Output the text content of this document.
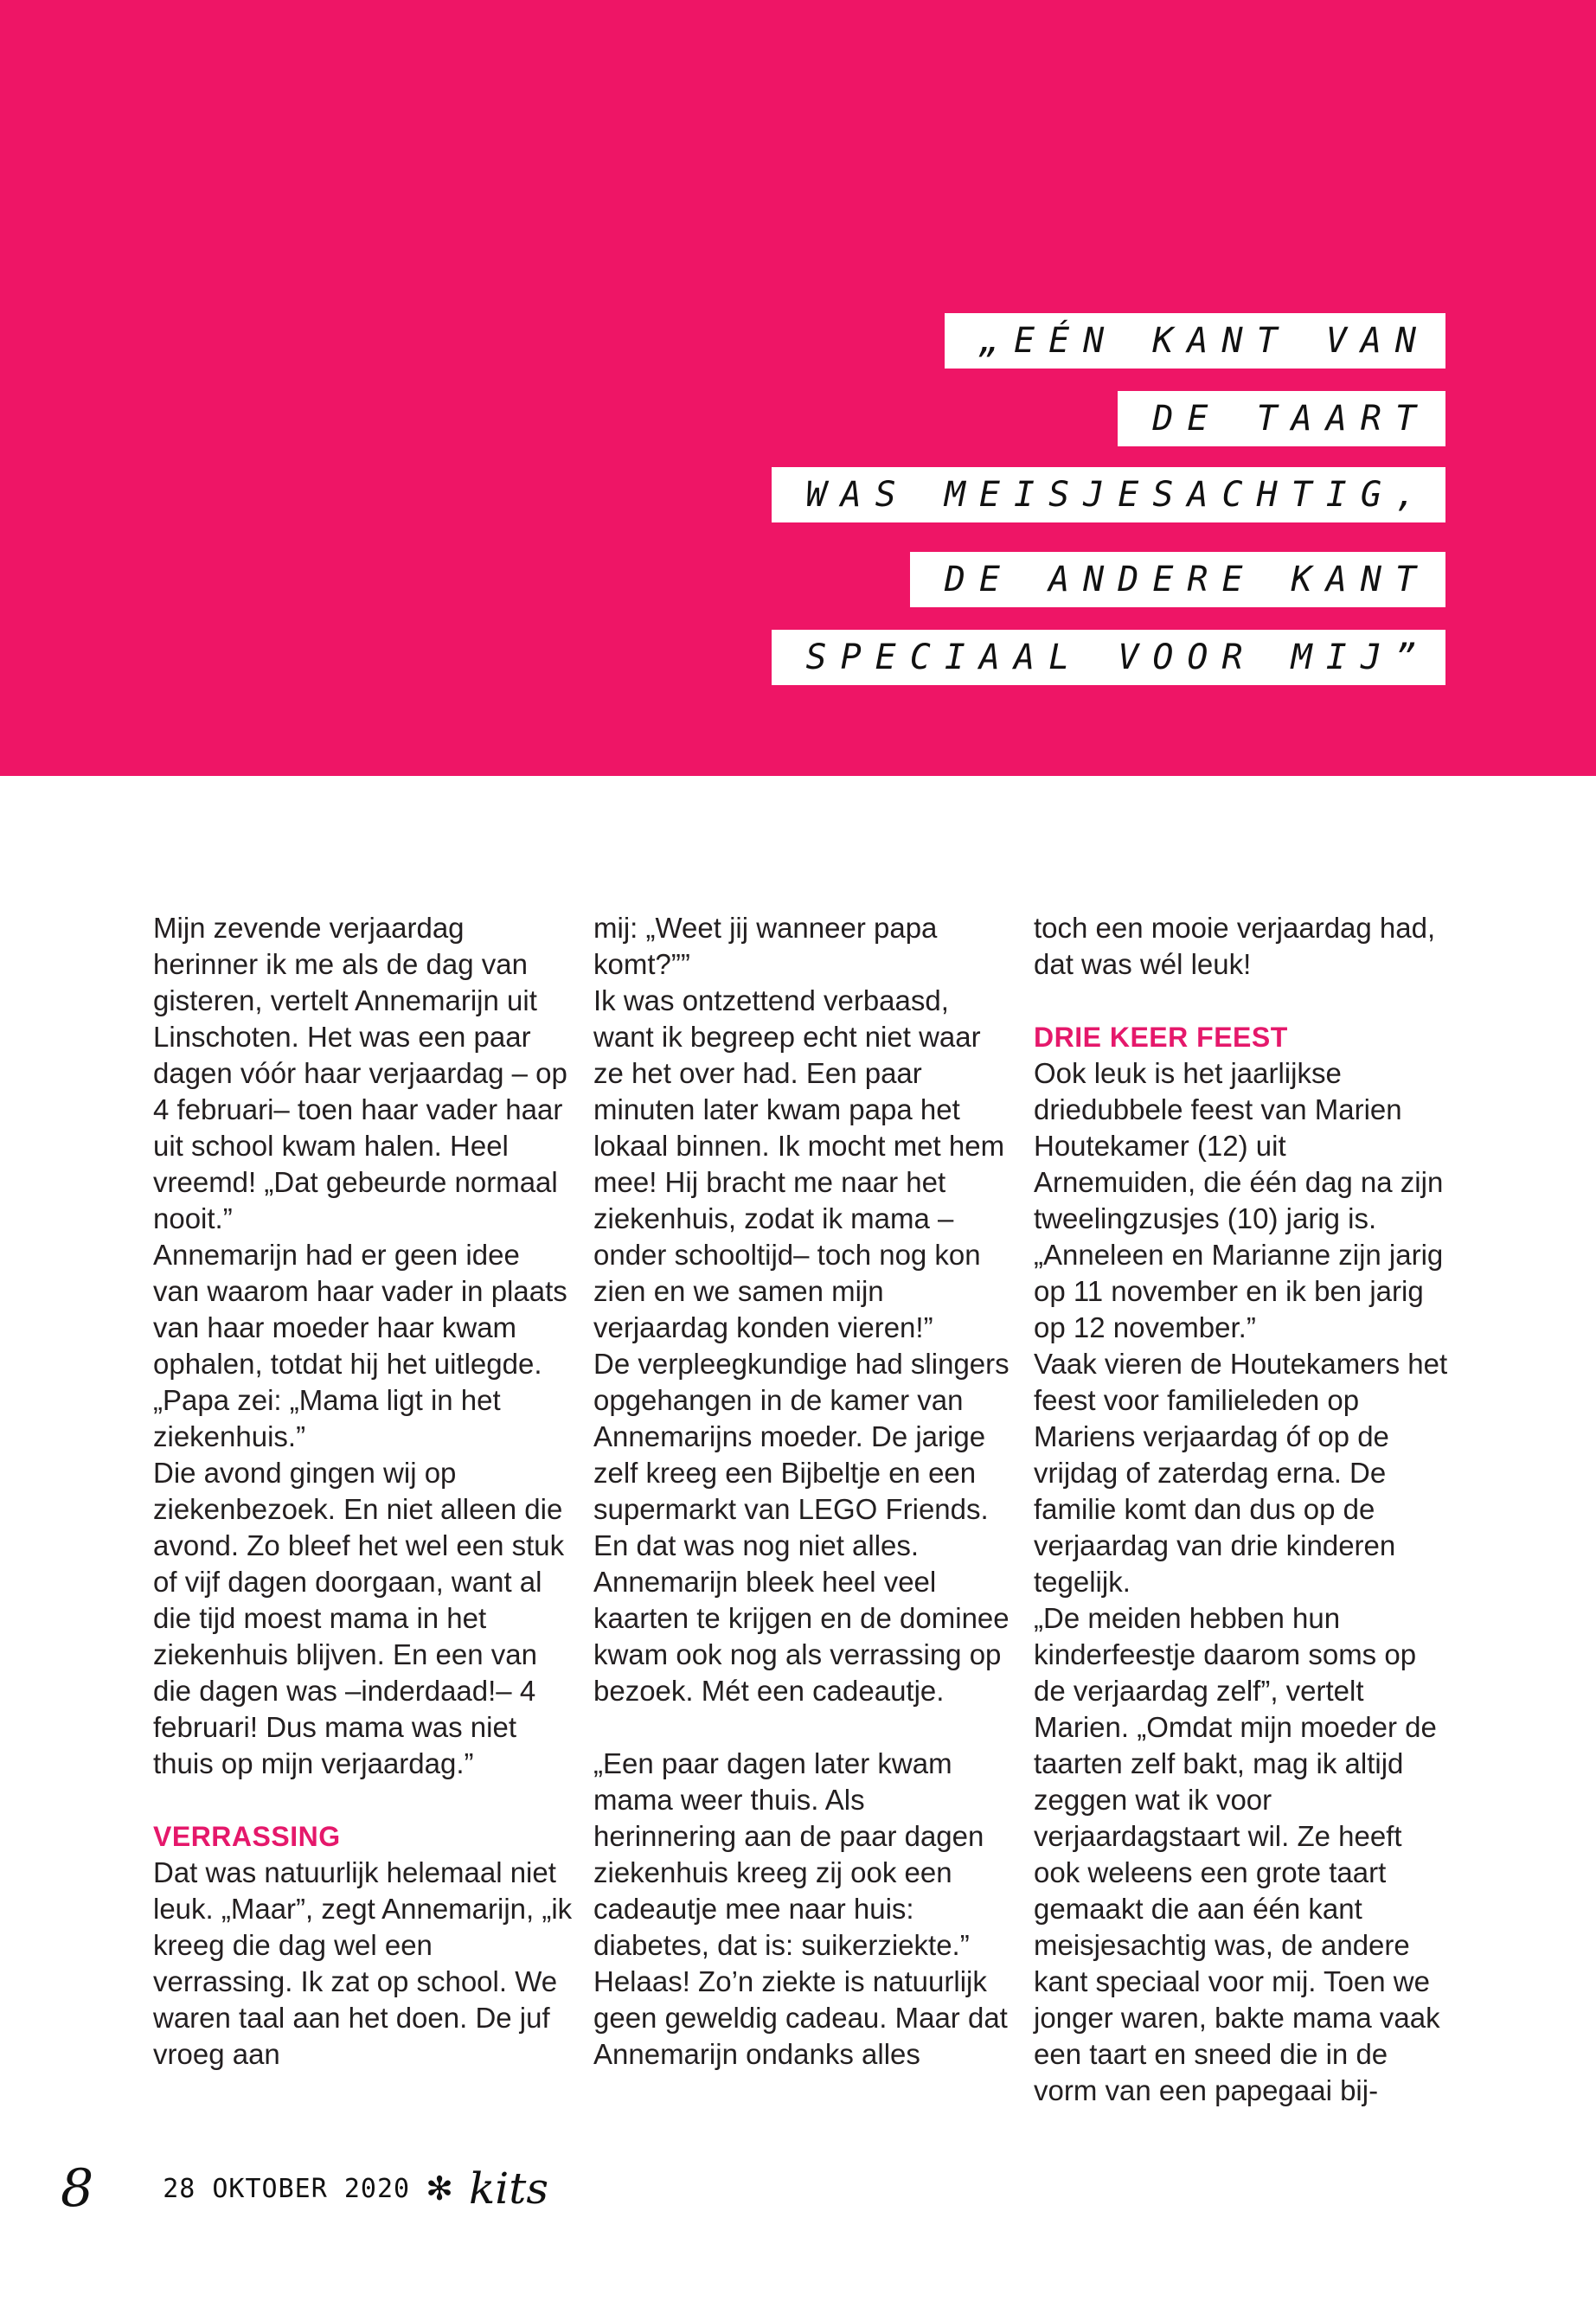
„EÉN KANT VAN
DE TAART
WAS MEISJESACHTIG,
DE ANDERE KANT
SPECIAAL VOOR MIJ”

Mijn zevende verjaardag herinner ik me als de dag van gisteren, vertelt Annemarijn uit Linschoten. Het was een paar dagen vóór haar verjaardag – op 4 februari– toen haar vader haar uit school kwam halen. Heel vreemd! „Dat gebeurde normaal nooit.”

Annemarijn had er geen idee van waarom haar vader in plaats van haar moeder haar kwam ophalen, totdat hij het uitlegde. „Papa zei: „Mama ligt in het ziekenhuis.”

Die avond gingen wij op ziekenbezoek. En niet alleen die avond. Zo bleef het wel een stuk of vijf dagen doorgaan, want al die tijd moest mama in het ziekenhuis blijven. En een van die dagen was –inderdaad!– 4 februari! Dus mama was niet thuis op mijn verjaardag.”

VERRASSING

Dat was natuurlijk helemaal niet leuk. „Maar”, zegt Annemarijn, „ik kreeg die dag wel een verrassing. Ik zat op school. We waren taal aan het doen. De juf vroeg aan

mij: „Weet jij wanneer papa komt?””

Ik was ontzettend verbaasd, want ik begreep echt niet waar ze het over had. Een paar minuten later kwam papa het lokaal binnen. Ik mocht met hem mee! Hij bracht me naar het ziekenhuis, zodat ik mama –onder schooltijd– toch nog kon zien en we samen mijn verjaardag konden vieren!”

De verpleegkundige had slingers opgehangen in de kamer van Annemarijns moeder. De jarige zelf kreeg een Bijbeltje en een supermarkt van LEGO Friends. En dat was nog niet alles. Annemarijn bleek heel veel kaarten te krijgen en de dominee kwam ook nog als verrassing op bezoek. Mét een cadeautje.

„Een paar dagen later kwam mama weer thuis. Als herinnering aan de paar dagen ziekenhuis kreeg zij ook een cadeautje mee naar huis: diabetes, dat is: suikerziekte.” Helaas! Zo’n ziekte is natuurlijk geen geweldig cadeau. Maar dat Annemarijn ondanks alles

toch een mooie verjaardag had, dat was wél leuk!

DRIE KEER FEEST

Ook leuk is het jaarlijkse driedubbele feest van Marien Houtekamer (12) uit Arnemuiden, die één dag na zijn tweelingzusjes (10) jarig is. „Anneleen en Marianne zijn jarig op 11 november en ik ben jarig op 12 november.”

Vaak vieren de Houtekamers het feest voor familieleden op Mariens verjaardag óf op de vrijdag of zaterdag erna. De familie komt dan dus op de verjaardag van drie kinderen tegelijk.

„De meiden hebben hun kinderfeestje daarom soms op de verjaardag zelf”, vertelt Marien. „Omdat mijn moeder de taarten zelf bakt, mag ik altijd zeggen wat ik voor verjaardagstaart wil. Ze heeft ook weleens een grote taart gemaakt die aan één kant meisjesachtig was, de andere kant speciaal voor mij. Toen we jonger waren, bakte mama vaak een taart en sneed die in de vorm van een papegaai bij-

8	28 OKTOBER 2020 ✻ kits
